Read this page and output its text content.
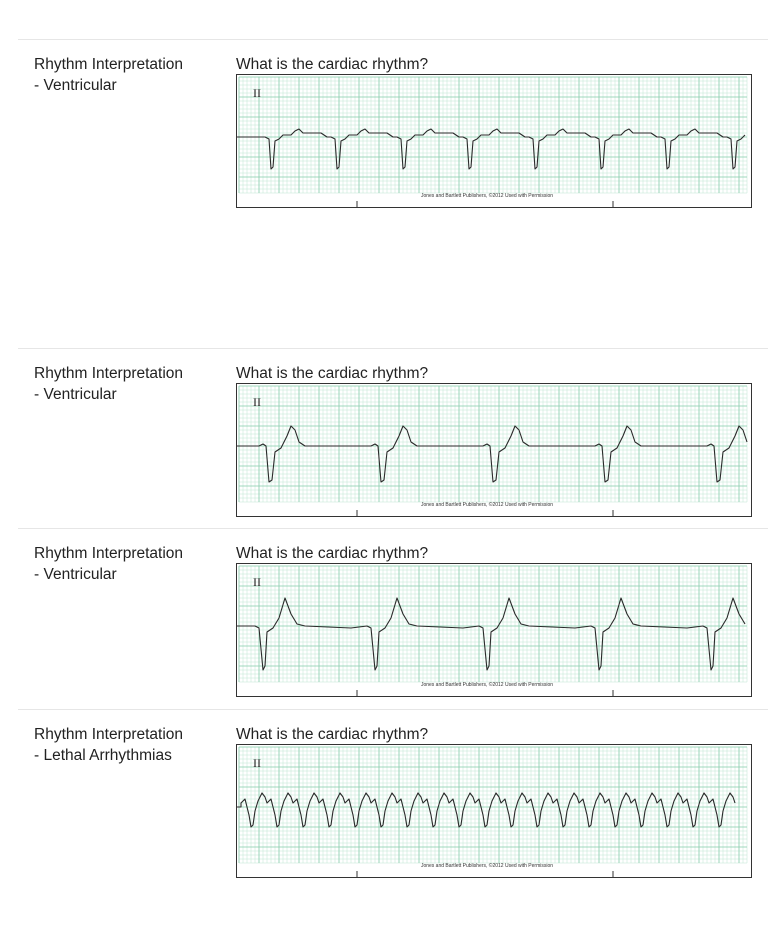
Rhythm Interpretation
- Ventricular
What is the cardiac rhythm?
II
Jones and Bartlett Publishers, ©2012 Used with Permission
Rhythm Interpretation
- Ventricular
What is the cardiac rhythm?
II
Jones and Bartlett Publishers, ©2012 Used with Permission
Rhythm Interpretation
- Ventricular
What is the cardiac rhythm?
II
Jones and Bartlett Publishers, ©2012 Used with Permission
Rhythm Interpretation
- Lethal Arrhythmias
What is the cardiac rhythm?
II
Jones and Bartlett Publishers, ©2012 Used with Permission
